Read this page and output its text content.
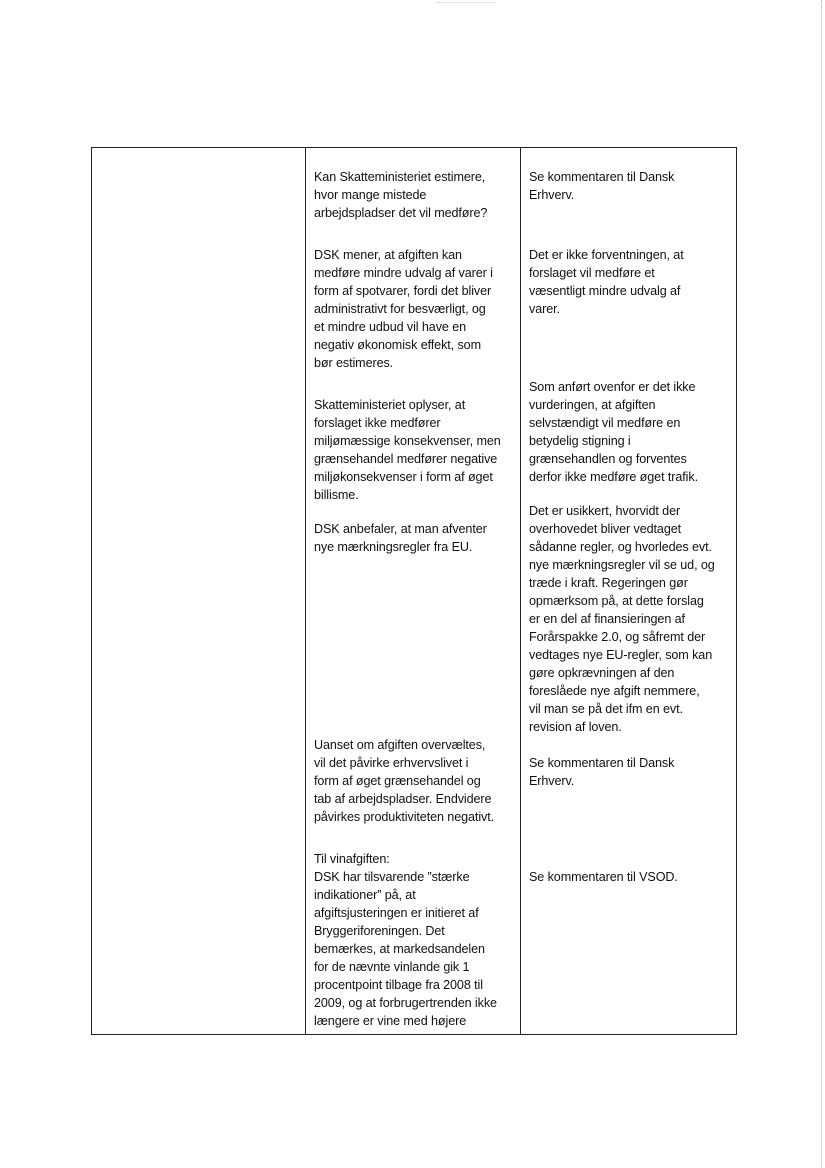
Kan Skatteministeriet estimere,
hvor mange mistede
arbejdspladser det vil medføre?

DSK mener, at afgiften kan
medføre mindre udvalg af varer i
form af spotvarer, fordi det bliver
administrativt for besværligt, og
et mindre udbud vil have en
negativ økonomisk effekt, som
bør estimeres.

Skatteministeriet oplyser, at
forslaget ikke medfører
miljømæssige konsekvenser, men
grænsehandel medfører negative
miljøkonsekvenser i form af øget
billisme.

DSK anbefaler, at man afventer
nye mærkningsregler fra EU.

Uanset om afgiften overvæltes,
vil det påvirke erhvervslivet i
form af øget grænsehandel og
tab af arbejdspladser. Endvidere
påvirkes produktiviteten negativt.

Til vinafgiften:
DSK har tilsvarende ”stærke
indikationer” på, at
afgiftsjusteringen er initieret af
Bryggeriforeningen. Det
bemærkes, at markedsandelen
for de nævnte vinlande gik 1
procentpoint tilbage fra 2008 til
2009, og at forbrugertrenden ikke
længere er vine med højere

Se kommentaren til Dansk
Erhverv.

Det er ikke forventningen, at
forslaget vil medføre et
væsentligt mindre udvalg af
varer.

Som anført ovenfor er det ikke
vurderingen, at afgiften
selvstændigt vil medføre en
betydelig stigning i
grænsehandlen og forventes
derfor ikke medføre øget trafik.

Det er usikkert, hvorvidt der
overhovedet bliver vedtaget
sådanne regler, og hvorledes evt.
nye mærkningsregler vil se ud, og
træde i kraft. Regeringen gør
opmærksom på, at dette forslag
er en del af finansieringen af
Forårspakke 2.0, og såfremt der
vedtages nye EU-regler, som kan
gøre opkrævningen af den
foreslåede nye afgift nemmere,
vil man se på det ifm en evt.
revision af loven.

Se kommentaren til Dansk
Erhverv.

Se kommentaren til VSOD.
